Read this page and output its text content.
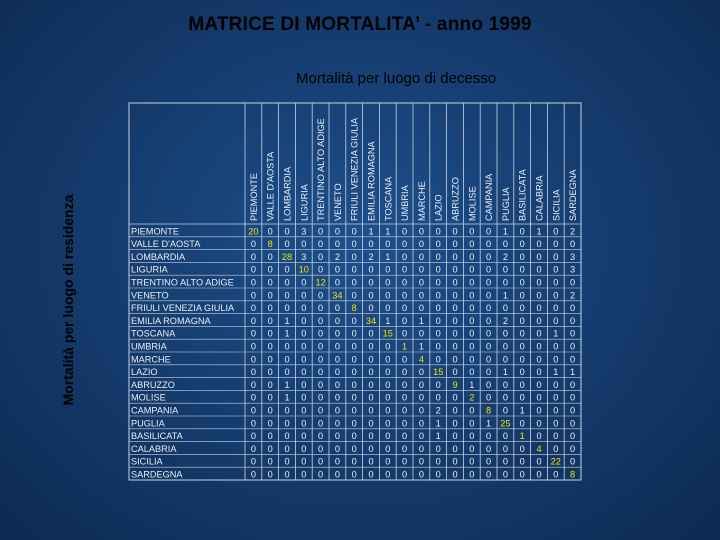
MATRICE DI MORTALITA’ - anno 1999
Mortalità per luogo di decesso
Mortalità per luogo di residenza	PIEMONTE VALLE D'AOSTA LOMBARDIA LIGURIA TRENTINO ALTO ADIGE VENETO FRIULI VENEZIA GIULIA EMILIA ROMAGNA TOSCANA UMBRIA MARCHE LAZIO ABRUZZO MOLISE CAMPANIA PUGLIA BASILICATA CALABRIA SICILIA SARDEGNA
PIEMONTE
VALLE D'AOSTA
LOMBARDIA
LIGURIA
TRENTINO ALTO ADIGE
VENETO
FRIULI VENEZIA GIULIA
EMILIA ROMAGNA
TOSCANA
UMBRIA
MARCHE
LAZIO
ABRUZZO
MOLISE
CAMPANIA
PUGLIA
BASILICATA
CALABRIA
SICILIA
SARDEGNA
20 0 0 3 0 0 0 1 1 0 0 0 0 0 0 1 0 1 0 2
0 8 0 0 0 0 0 0 0 0 0 0 0 0 0 0 0 0 0 0
0 0 28 3 0 2 0 2 1 0 0 0 0 0 0 2 0 0 0 3
0 0 0 10 0 0 0 0 0 0 0 0 0 0 0 0 0 0 0 3
0 0 0 0 12 0 0 0 0 0 0 0 0 0 0 0 0 0 0 0
0 0 0 0 0 34 0 0 0 0 0 0 0 0 0 1 0 0 0 2
0 0 0 0 0 0 8 0 0 0 0 0 0 0 0 0 0 0 0 0
0 0 1 0 0 0 0 34 1 0 1 0 0 0 0 2 0 0 0 0
0 0 1 0 0 0 0 0 15 0 0 0 0 0 0 0 0 0 1 0
0 0 0 0 0 0 0 0 0 1 1 0 0 0 0 0 0 0 0 0
0 0 0 0 0 0 0 0 0 0 4 0 0 0 0 0 0 0 0 0
0 0 0 0 0 0 0 0 0 0 0 15 0 0 0 1 0 0 1 1
0 0 1 0 0 0 0 0 0 0 0 0 9 1 0 0 0 0 0 0
0 0 1 0 0 0 0 0 0 0 0 0 0 2 0 0 0 0 0 0
0 0 0 0 0 0 0 0 0 0 0 2 0 0 8 0 1 0 0 0
0 0 0 0 0 0 0 0 0 0 0 1 0 0 1 25 0 0 0 0
0 0 0 0 0 0 0 0 0 0 0 1 0 0 0 0 1 0 0 0
0 0 0 0 0 0 0 0 0 0 0 0 0 0 0 0 0 4 0 0
0 0 0 0 0 0 0 0 0 0 0 0 0 0 0 0 0 0 22 0
0 0 0 0 0 0 0 0 0 0 0 0 0 0 0 0 0 0 0 8
